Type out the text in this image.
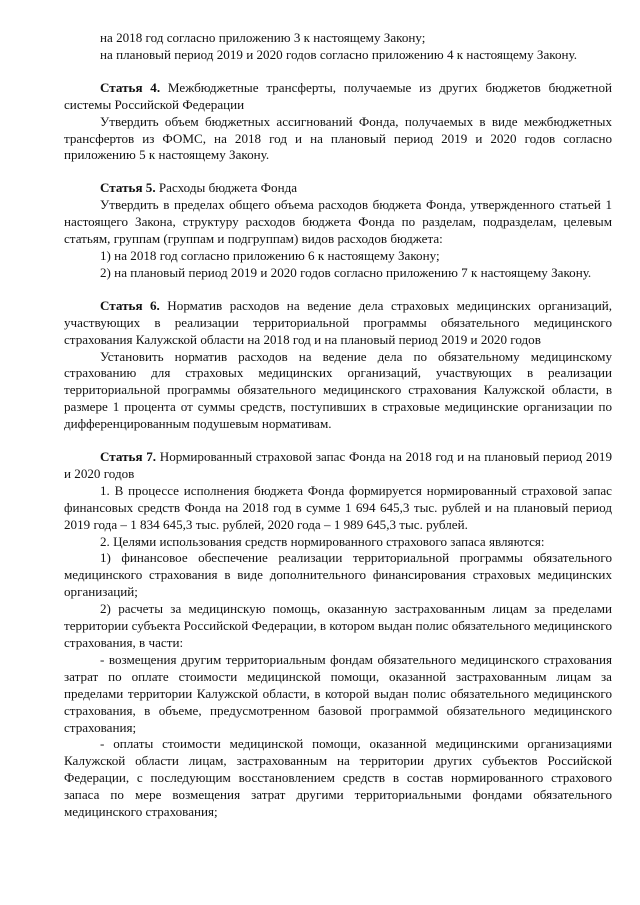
на 2018 год согласно приложению 3 к настоящему Закону;

на плановый период 2019 и 2020 годов согласно приложению 4 к настоящему Закону.

Статья 4. Межбюджетные трансферты, получаемые из других бюджетов бюджетной системы Российской Федерации

Утвердить объем бюджетных ассигнований Фонда, получаемых в виде межбюджетных трансфертов из ФОМС, на 2018 год и на плановый период 2019 и 2020 годов согласно приложению 5 к настоящему Закону.

Статья 5. Расходы бюджета Фонда

Утвердить в пределах общего объема расходов бюджета Фонда, утвержденного статьей 1 настоящего Закона, структуру расходов бюджета Фонда по разделам, подразделам, целевым статьям, группам (группам и подгруппам) видов расходов бюджета:

1) на 2018 год согласно приложению 6 к настоящему Закону;

2) на плановый период 2019 и 2020 годов согласно приложению 7 к настоящему Закону.

Статья 6. Норматив расходов на ведение дела страховых медицинских организаций, участвующих в реализации территориальной программы обязательного медицинского страхования Калужской области на 2018 год и на плановый период 2019 и 2020 годов

Установить норматив расходов на ведение дела по обязательному медицинскому страхованию для страховых медицинских организаций, участвующих в реализации территориальной программы обязательного медицинского страхования Калужской области, в размере 1 процента от суммы средств, поступивших в страховые медицинские организации по дифференцированным подушевым нормативам.

Статья 7. Нормированный страховой запас Фонда на 2018 год и на плановый период 2019 и 2020 годов

1. В процессе исполнения бюджета Фонда формируется нормированный страховой запас финансовых средств Фонда на 2018 год в сумме 1 694 645,3 тыс. рублей и на плановый период 2019 года – 1 834 645,3 тыс. рублей, 2020 года – 1 989 645,3 тыс. рублей.

2. Целями использования средств нормированного страхового запаса являются:

1) финансовое обеспечение реализации территориальной программы обязательного медицинского страхования в виде дополнительного финансирования страховых медицинских организаций;

2) расчеты за медицинскую помощь, оказанную застрахованным лицам за пределами территории субъекта Российской Федерации, в котором выдан полис обязательного медицинского страхования, в части:

- возмещения другим территориальным фондам обязательного медицинского страхования затрат по оплате стоимости медицинской помощи, оказанной застрахованным лицам за пределами территории Калужской области, в которой выдан полис обязательного медицинского страхования, в объеме, предусмотренном базовой программой обязательного медицинского страхования;

- оплаты стоимости медицинской помощи, оказанной медицинскими организациями Калужской области лицам, застрахованным на территории других субъектов Российской Федерации, с последующим восстановлением средств в состав нормированного страхового запаса по мере возмещения затрат другими территориальными фондами обязательного медицинского страхования;
